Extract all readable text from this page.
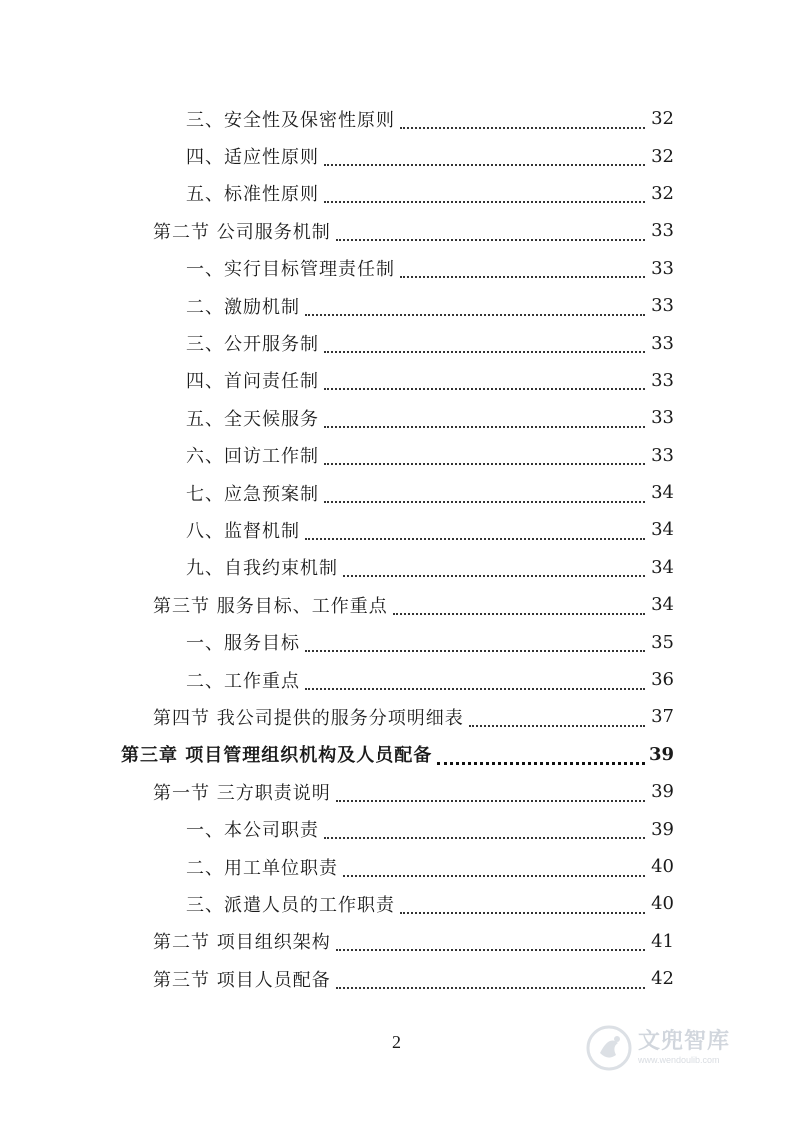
三、安全性及保密性原则	32
四、适应性原则	32
五、标准性原则	32
第二节 公司服务机制	33
一、实行目标管理责任制	33
二、激励机制	33
三、公开服务制	33
四、首问责任制	33
五、全天候服务	33
六、回访工作制	33
七、应急预案制	34
八、监督机制	34
九、自我约束机制	34
第三节 服务目标、工作重点	34
一、服务目标	35
二、工作重点	36
第四节 我公司提供的服务分项明细表	37
第三章 项目管理组织机构及人员配备	39
第一节 三方职责说明	39
一、本公司职责	39
二、用工单位职责	40
三、派遣人员的工作职责	40
第二节 项目组织架构	41
第三节 项目人员配备	42
2	文兜智库
www.wendoulib.com
